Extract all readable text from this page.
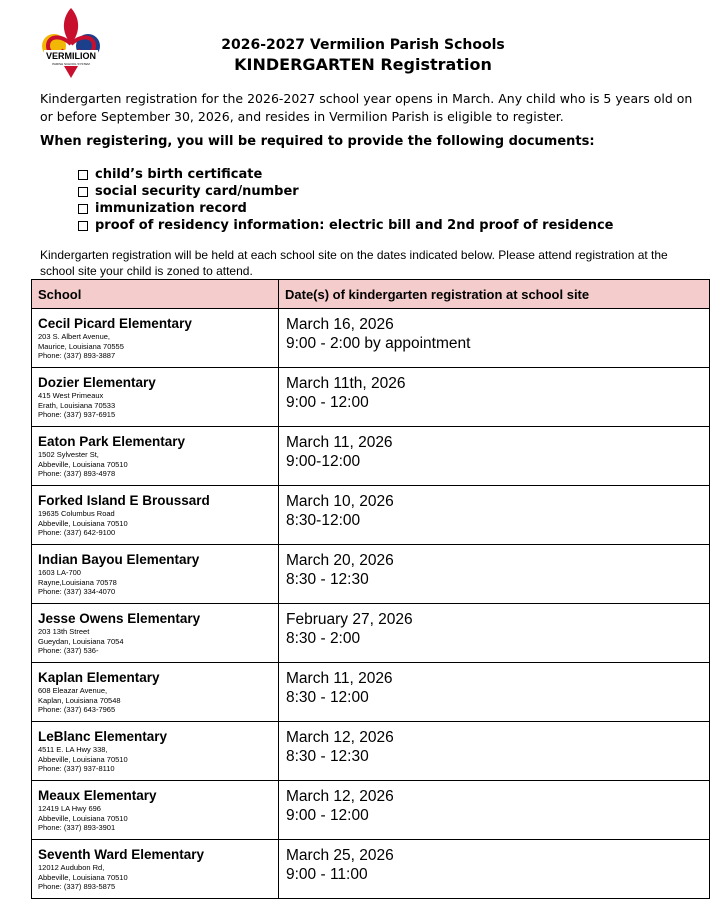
VERMILION
PARISH SCHOOL SYSTEM
2026-2027 Vermilion Parish Schools
KINDERGARTEN Registration
Kindergarten registration for the 2026-2027 school year opens in March. Any child who is 5 years old on or before September 30, 2026, and resides in Vermilion Parish is eligible to register.
When registering, you will be required to provide the following documents:
child’s birth certificate
social security card/number
immunization record
proof of residency information: electric bill and 2nd proof of residence
Kindergarten registration will be held at each school site on the dates indicated below. Please attend registration at the school site your child is zoned to attend.
School	Date(s) of kindergarten registration at school site

Cecil Picard Elementary
203 S. Albert Avenue,
Maurice, Louisiana 70555
Phone: (337) 893-3887	March 16, 2026
9:00 - 2:00 by appointment

Dozier Elementary
415 West Primeaux
Erath, Louisiana 70533
Phone: (337) 937-6915	March 11th, 2026
9:00 - 12:00

Eaton Park Elementary
1502 Sylvester St,
Abbeville, Louisiana 70510
Phone: (337) 893-4978	March 11, 2026
9:00-12:00

Forked Island E Broussard
19635 Columbus Road
Abbeville, Louisiana 70510
Phone: (337) 642-9100	March 10, 2026
8:30-12:00

Indian Bayou Elementary
1603 LA-700
Rayne,Louisiana 70578
Phone: (337) 334-4070	March 20, 2026
8:30 - 12:30

Jesse Owens Elementary
203 13th Street
Gueydan, Louisiana 7054
Phone: (337) 536-	February 27, 2026
8:30 - 2:00

Kaplan Elementary
608 Eleazar Avenue,
Kaplan, Louisiana 70548
Phone: (337) 643-7965	March 11, 2026
8:30 - 12:00

LeBlanc Elementary
4511 E. LA Hwy 338,
Abbeville, Louisiana 70510
Phone: (337) 937-8110	March 12, 2026
8:30 - 12:30

Meaux Elementary
12419 LA Hwy 696
Abbeville, Louisiana 70510
Phone: (337) 893-3901	March 12, 2026
9:00 - 12:00

Seventh Ward Elementary
12012 Audubon Rd,
Abbeville, Louisiana 70510
Phone: (337) 893-5875	March 25, 2026
9:00 - 11:00
